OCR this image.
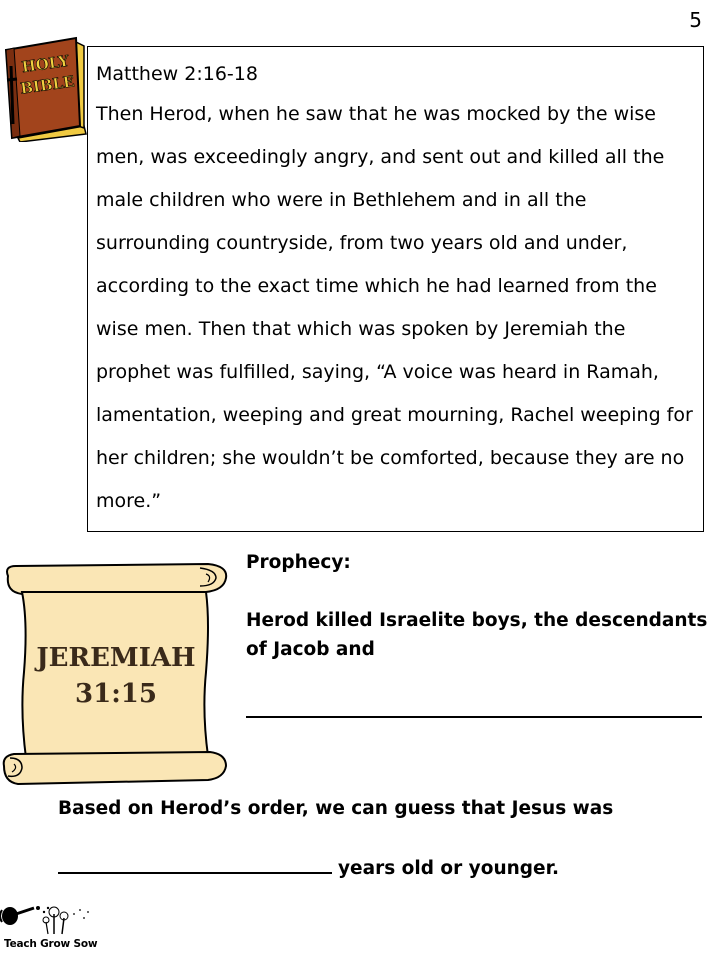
5
HOLY
BIBLE Matthew 2:16-18
Then Herod, when he saw that he was mocked by the wise men, was exceedingly angry, and sent out and killed all the male children who were in Bethlehem and in all the surrounding countryside, from two years old and under, according to the exact time which he had learned from the wise men. Then that which was spoken by Jeremiah the prophet was fulfilled, saying, “A voice was heard in Ramah, lamentation, weeping and great mourning, Rachel weeping for her children; she wouldn’t be comforted, because they are no more.”
JEREMIAH
31:15
Prophecy:
Herod killed Israelite boys, the descendants of Jacob and
Based on Herod’s order, we can guess that Jesus was
years old or younger.
Teach Grow Sow
